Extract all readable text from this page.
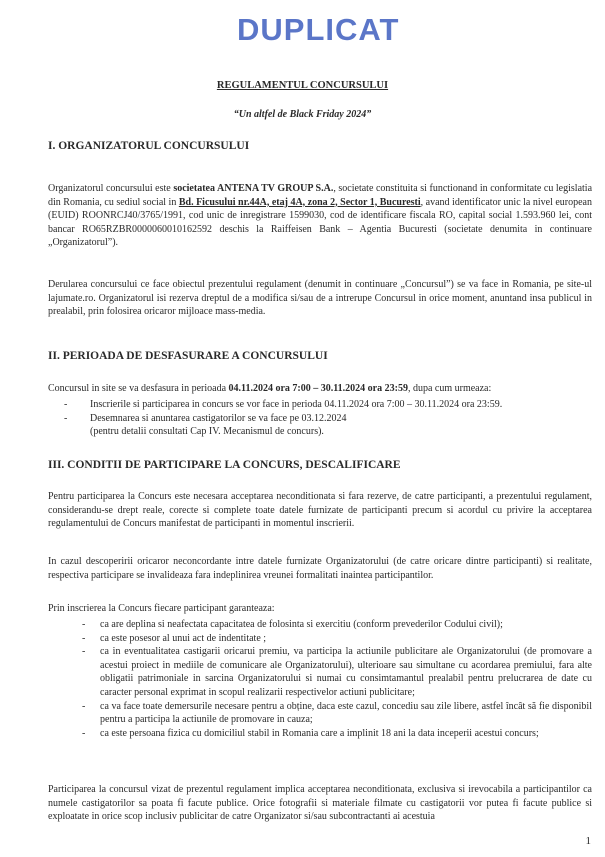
DUPLICAT
REGULAMENTUL CONCURSULUI
“Un altfel de Black Friday 2024”
I. ORGANIZATORUL CONCURSULUI

Organizatorul concursului este societatea ANTENA TV GROUP S.A., societate constituita si functionand in conformitate cu legislatia din Romania, cu sediul social in Bd. Ficusului nr.44A, etaj 4A, zona 2, Sector 1, Bucuresti, avand identificator unic la nivel european (EUID) ROONRCJ40/3765/1991, cod unic de inregistrare 1599030, cod de identificare fiscala RO, capital social 1.593.960 lei, cont bancar RO65RZBR0000060010162592 deschis la Raiffeisen Bank – Agentia Bucuresti (societate denumita in continuare „Organizatorul”).

Derularea concursului ce face obiectul prezentului regulament (denumit in continuare „Concursul”) se va face in Romania, pe site-ul lajumate.ro. Organizatorul isi rezerva dreptul de a modifica si/sau de a intrerupe Concursul in orice moment, anuntand insa publicul in prealabil, prin folosirea oricaror mijloace mass-media.

II. PERIOADA DE DESFASURARE A CONCURSULUI

Concursul in site se va desfasura in perioada 04.11.2024 ora 7:00 – 30.11.2024 ora 23:59, dupa cum urmeaza:

- Inscrierile si participarea in concurs se vor face in perioda 04.11.2024 ora 7:00 – 30.11.2024 ora 23:59.
- Desemnarea si anuntarea castigatorilor se va face pe 03.12.2024
(pentru detalii consultati Cap IV. Mecanismul de concurs).
III. CONDITII DE PARTICIPARE LA CONCURS, DESCALIFICARE

Pentru participarea la Concurs este necesara acceptarea neconditionata si fara rezerve, de catre participanti, a prezentului regulament, considerandu-se drept reale, corecte si complete toate datele furnizate de participanti precum si acordul cu privire la acceptarea regulamentului de Concurs manifestat de participanti in momentul inscrierii.

In cazul descoperirii oricaror neconcordante intre datele furnizate Organizatorului (de catre oricare dintre participanti) si realitate, respectiva participare se invalideaza fara indeplinirea vreunei formalitati inaintea participantilor.

Prin inscrierea la Concurs fiecare participant garanteaza:

- ca are deplina si neafectata capacitatea de folosinta si exercitiu (conform prevederilor Codului civil);
- ca este posesor al unui act de indentitate ;
- ca in eventualitatea castigarii oricarui premiu, va participa la actiunile publicitare ale Organizatorului (de promovare a acestui proiect in mediile de comunicare ale Organizatorului), ulterioare sau simultane cu acordarea premiului, fara alte obligatii patrimoniale in sarcina Organizatorului si numai cu consimtamantul prealabil pentru prelucrarea de date cu caracter personal exprimat in scopul realizarii respectivelor actiuni publicitare;
- ca va face toate demersurile necesare pentru a obține, daca este cazul, concediu sau zile libere, astfel încât să fie disponibil pentru a participa la actiunile de promovare in cauza;
- ca este persoana fizica cu domiciliul stabil in Romania care a implinit 18 ani la data inceperii acestui concurs;

Participarea la concursul vizat de prezentul regulament implica acceptarea neconditionata, exclusiva si irevocabila a participantilor ca numele castigatorilor sa poata fi facute publice. Orice fotografii si materiale filmate cu castigatorii vor putea fi facute publice si exploatate in orice scop inclusiv publicitar de catre Organizator si/sau subcontractanti ai acestuia

1
